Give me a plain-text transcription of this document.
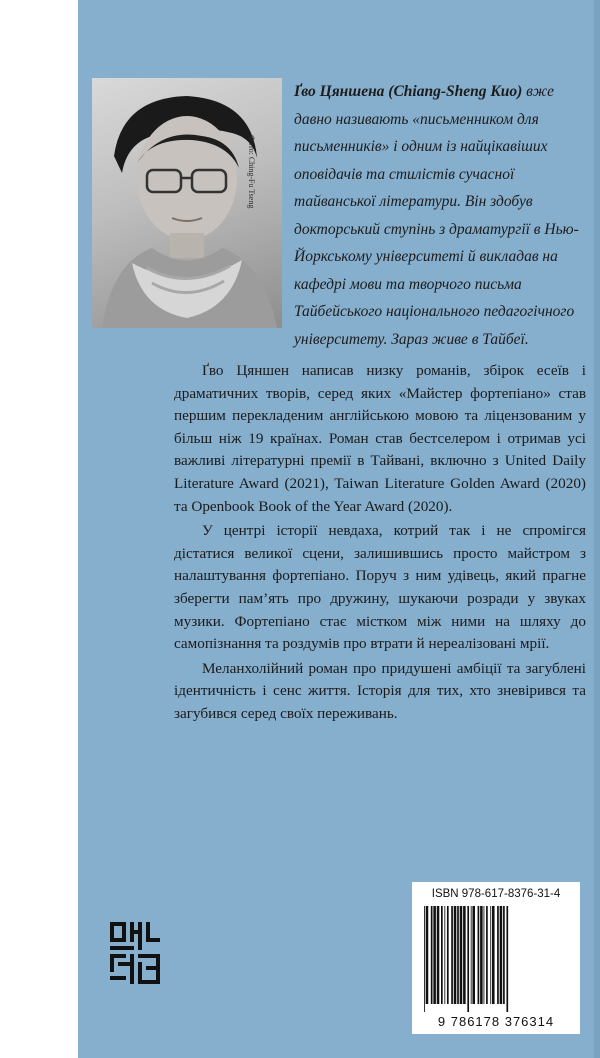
Фото: Ching-Fu Tseng

Ґво Цяншена (Chiang-Sheng Kuo) вже давно називають «письменником для письменників» і одним із найцікавіших оповідачів та стилістів сучасної тайванської літератури. Він здобув докторський ступінь з драматургії в Нью-Йоркському університеті й викладав на кафедрі мови та творчого письма Тайбейського національного педагогічного університету. Зараз живе в Тайбеї.

Ґво Цяншен написав низку романів, збірок есеїв і драматичних творів, серед яких «Майстер фортепіано» став першим перекладеним англійською мовою та ліцензованим у більш ніж 19 країнах. Роман став бестселером і отримав усі важливі літературні премії в Тайвані, включно з United Daily Literature Award (2021), Taiwan Literature Golden Award (2020) та Openbook Book of the Year Award (2020).

У центрі історії невдаха, котрий так і не спромігся дістатися великої сцени, залишившись просто майстром з налаштування фортепіано. Поруч з ним удівець, який прагне зберегти пам’ять про дружину, шукаючи розради у звуках музики. Фортепіано стає містком між ними на шляху до самопізнання та роздумів про втрати й нереалізовані мрії.

Меланхолійний роман про придушені амбіції та загублені ідентичність і сенс життя. Історія для тих, хто зневірився та загубився серед своїх переживань.

ISBN 978-617-8376-31-4
9 786178 376314
